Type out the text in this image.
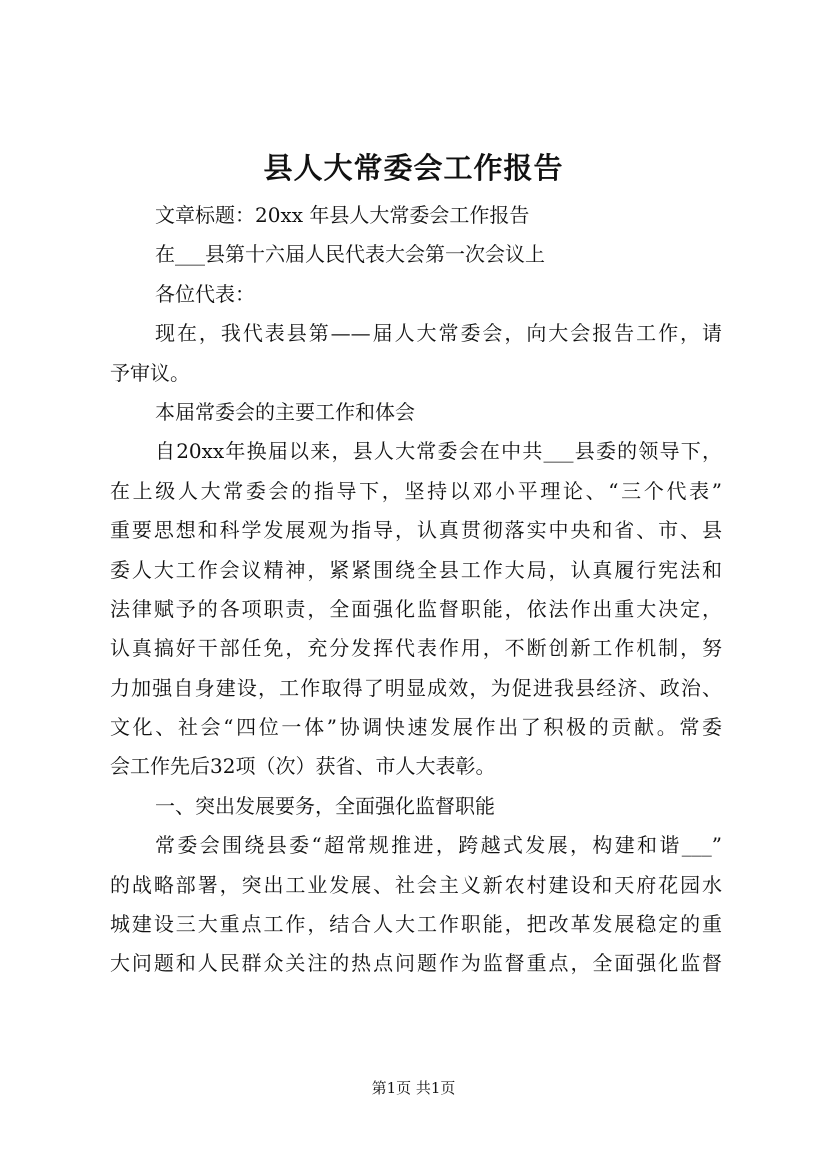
县人大常委会工作报告
文章标题：20xx 年县人大常委会工作报告
在___县第十六届人民代表大会第一次会议上
各位代表：
现在，我代表县第——届人大常委会，向大会报告工作，请
予审议。
本届常委会的主要工作和体会
自20xx年换届以来，县人大常委会在中共___县委的领导下，
在上级人大常委会的指导下，坚持以邓小平理论、“三个代表”
重要思想和科学发展观为指导，认真贯彻落实中央和省、市、县
委人大工作会议精神，紧紧围绕全县工作大局，认真履行宪法和
法律赋予的各项职责，全面强化监督职能，依法作出重大决定，
认真搞好干部任免，充分发挥代表作用，不断创新工作机制，努
力加强自身建设，工作取得了明显成效，为促进我县经济、政治、
文化、社会“四位一体”协调快速发展作出了积极的贡献。常委
会工作先后32项（次）获省、市人大表彰。
一、突出发展要务，全面强化监督职能
常委会围绕县委“超常规推进，跨越式发展，构建和谐___”
的战略部署，突出工业发展、社会主义新农村建设和天府花园水
城建设三大重点工作，结合人大工作职能，把改革发展稳定的重
大问题和人民群众关注的热点问题作为监督重点，全面强化监督
第1页 共1页
